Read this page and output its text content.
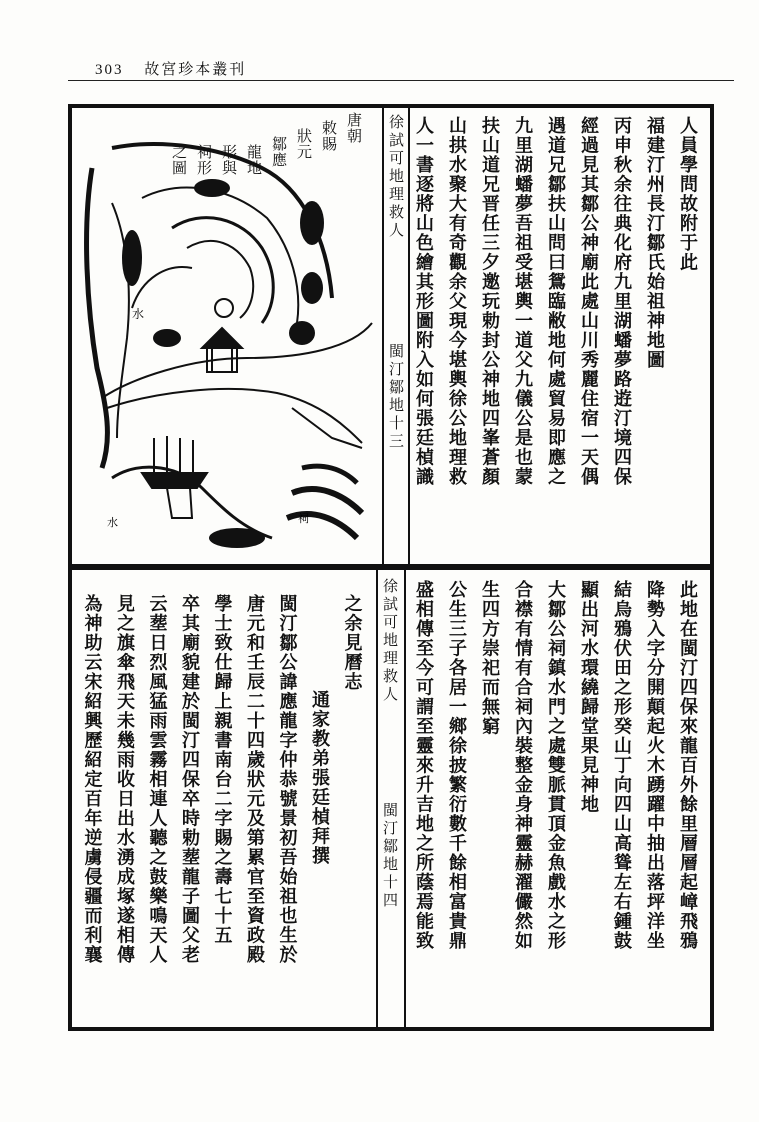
303 故宮珍本叢刊
水
水	祠
唐朝
敕賜
狀元
鄒應
龍地
形與
祠形
之圖	徐試可地理救人
閩汀鄒地十三
人員學問故附于此
福建汀州長汀鄒氏始祖神地圖
丙申秋余往典化府九里湖蟠夢路逰汀境四保
經過見其鄒公神廟此處山川秀麗住宿一天偶
遇道兄鄒扶山問曰鴛臨敝地何處貿易即應之
九里湖蟠夢吾祖受堪輿一道父九儀公是也蒙
扶山道兄晋任三夕邀玩勅封公神地四峯蒼顏
山拱水聚大有奇觀余父現今堪輿徐公地理救
人一書逐將山色繪其形圖附入如何張廷楨識
徐試可地理救人
閩汀鄒地十四	此地在閩汀四保來龍百外餘里層層起嶂飛鴉
降勢入字分開顛起火木踴躍中抽出落坪洋坐
結烏鴉伏田之形癸山丁向四山高聳左右鍾鼓
顯出河水環繞歸堂果見神地
大鄒公祠鎮水門之處雙脈貫頂金魚戲水之形
合襟有情有合祠內裝整金身神靈赫濯儼然如
生四方崇祀而無窮
公生三子各居一鄉徐披繁衍數千餘相富貴鼎
盛相傳至今可謂至靈來升吉地之所蔭焉能致
之余見曆志
通家教弟張廷楨拜撰
閩汀鄒公諱應龍字仲恭號景初吾始祖也生於
唐元和壬辰二十四歲狀元及第累官至資政殿
學士致仕歸上親書南台二字賜之壽七十五
卒其廟貌建於閩汀四保卒時勅塟龍子圖父老
云塟日烈風猛雨雲霧相連人聽之鼓樂鳴天人
見之旗傘飛天未幾雨收日出水湧成塚遂相傳
為神助云宋紹興歷紹定百年逆虜侵疆而利襄
